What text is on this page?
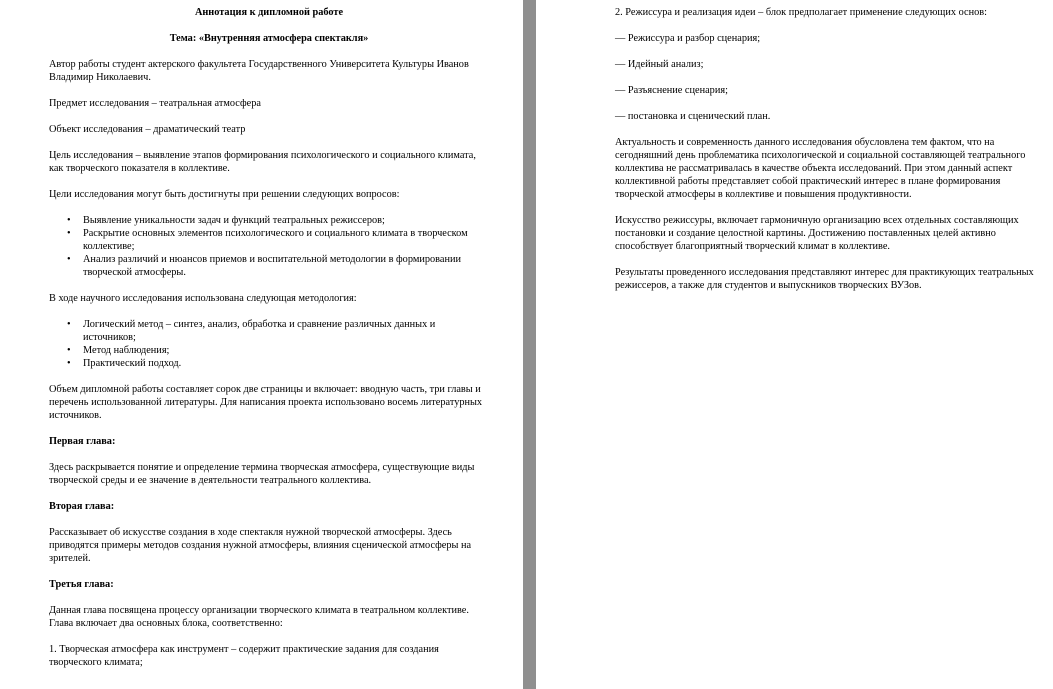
Аннотация к дипломной работе
Тема: «Внутренняя атмосфера спектакля»

Автор работы студент актерского факультета Государственного Университета Культуры Иванов Владимир Николаевич.

Предмет исследования – театральная атмосфера

Объект исследования – драматический театр

Цель исследования – выявление этапов формирования психологического и социального климата, как творческого показателя в коллективе.

Цели исследования могут быть достигнуты при решении следующих вопросов:

• Выявление уникальности задач и функций театральных режиссеров;
• Раскрытие основных элементов психологического и социального климата в творческом коллективе;
• Анализ различий и нюансов приемов и воспитательной методологии в формировании творческой атмосферы.

В ходе научного исследования использована следующая методология:

• Логический метод – синтез, анализ, обработка и сравнение различных данных и источников;
• Метод наблюдения;
• Практический подход.

Объем дипломной работы составляет сорок две страницы и включает: вводную часть, три главы и перечень использованной литературы. Для написания проекта использовано восемь литературных источников.

Первая глава:

Здесь раскрывается понятие и определение термина творческая атмосфера, существующие виды творческой среды и ее значение в деятельности театрального коллектива.

Вторая глава:

Рассказывает об искусстве создания в ходе спектакля нужной творческой атмосферы. Здесь приводятся примеры методов создания нужной атмосферы, влияния сценической атмосферы на зрителей.

Третья глава:

Данная глава посвящена процессу организации творческого климата в театральном коллективе. Глава включает два основных блока, соответственно:

1. Творческая атмосфера как инструмент – содержит практические задания для создания творческого климата;

2. Режиссура и реализация идеи – блок предполагает применение следующих основ:

— Режиссура и разбор сценария;

— Идейный анализ;

— Разъяснение сценария;

— постановка и сценический план.

Актуальность и современность данного исследования обусловлена тем фактом, что на сегодняшний день проблематика психологической и социальной составляющей театрального коллектива не рассматривалась в качестве объекта исследований. При этом данный аспект коллективной работы представляет собой практический интерес в плане формирования творческой атмосферы в коллективе и повышения продуктивности.

Искусство режиссуры, включает гармоничную организацию всех отдельных составляющих постановки и создание целостной картины. Достижению поставленных целей активно способствует благоприятный творческий климат в коллективе.

Результаты проведенного исследования представляют интерес для практикующих театральных режиссеров, а также для студентов и выпускников творческих ВУЗов.
